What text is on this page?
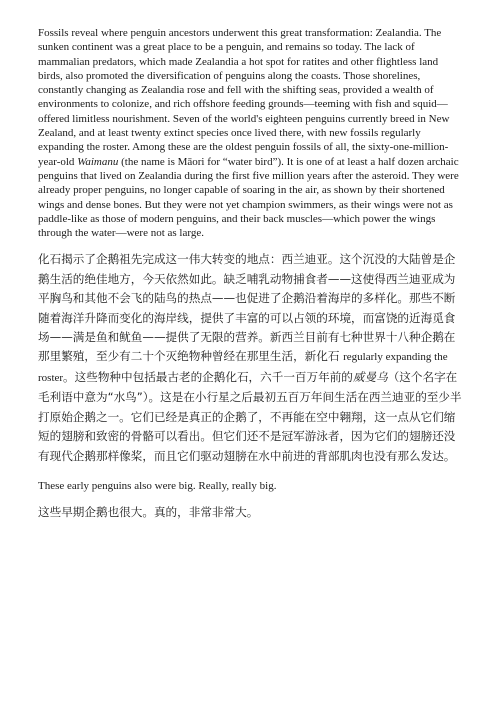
Fossils reveal where penguin ancestors underwent this great transformation: Zealandia. The sunken continent was a great place to be a penguin, and remains so today. The lack of mammalian predators, which made Zealandia a hot spot for ratites and other flightless land birds, also promoted the diversification of penguins along the coasts. Those shorelines, constantly changing as Zealandia rose and fell with the shifting seas, provided a wealth of environments to colonize, and rich offshore feeding grounds—teeming with fish and squid—offered limitless nourishment. Seven of the world's eighteen penguins currently breed in New Zealand, and at least twenty extinct species once lived there, with new fossils regularly expanding the roster. Among these are the oldest penguin fossils of all, the sixty-one-million-year-old Waimanu (the name is Māori for “water bird”). It is one of at least a half dozen archaic penguins that lived on Zealandia during the first five million years after the asteroid. They were already proper penguins, no longer capable of soaring in the air, as shown by their shortened wings and dense bones. But they were not yet champion swimmers, as their wings were not as paddle-like as those of modern penguins, and their back muscles—which power the wings through the water—were not as large.

化石揭示了企鹅祖先完成这一伟大转变的地点：西兰迪亚。这个沉没的大陆曾是企鹅生活的绝佳地方，今天依然如此。缺乏哺乳动物捕食者——这使得西兰迪亚成为平胸鸟和其他不会飞的陆鸟的热点——也促进了企鹅沿着海岸的多样化。那些不断随着海洋升降而变化的海岸线，提供了丰富的可以占领的环境，而富饶的近海觅食场——满是鱼和鱿鱼——提供了无限的营养。新西兰目前有七种世界十八种企鹅在那里繁殖，至少有二十个灭绝物种曾经在那里生活，新化石 regularly expanding the roster。这些物种中包括最古老的企鹅化石，六千一百万年前的威曼乌（这个名字在毛利语中意为“水鸟”）。这是在小行星之后最初五百万年间生活在西兰迪亚的至少半打原始企鹅之一。它们已经是真正的企鹅了，不再能在空中翱翔，这一点从它们缩短的翅膀和致密的骨骼可以看出。但它们还不是冠军游泳者，因为它们的翅膀还没有现代企鹅那样像桨，而且它们驱动翅膀在水中前进的背部肌肉也没有那么发达。

These early penguins also were big. Really, really big.

这些早期企鹅也很大。真的，非常非常大。
